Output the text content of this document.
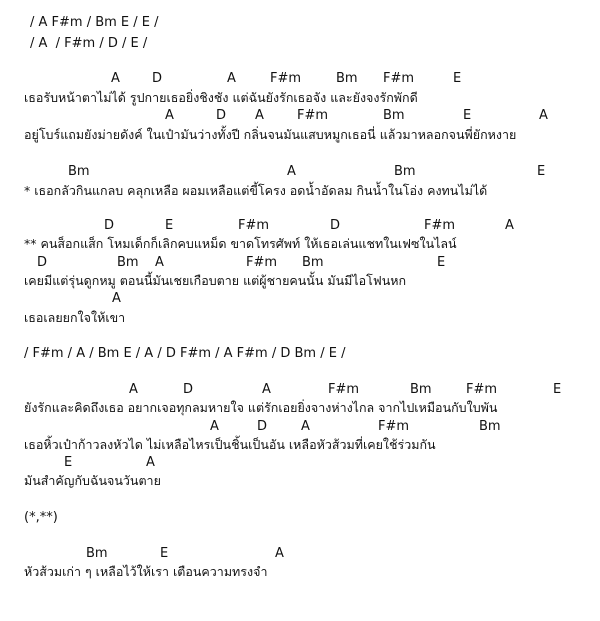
/ A F#m / Bm E / E /
/ A  / F#m / D / E /
A D	A	F#m	Bm F#m	E
เธอรับหน้าตาไม่ได้ รูปกายเธอยิ่งชิงชัง แต่ฉันยังรักเธอจัง และยังจงรักพักดี
A	D A	F#m	Bm	E	A
อยู่โบร์แถมยังม่ายดังค์ ในเป๋ามันว่างทั้งปี กลิ่นจนมันแสบหมูกเธอนี่ แล้วมาหลอกจนพี่ยักหงาย
Bm	A	Bm	E
* เธอกลัวกินแกลบ คลุกเหลือ ผอมเหลือแต่ขี้โครง อดน้ำอัดลม กินน้ำในโอ่ง คงทนไม่ได้
D	E	F#m	D	F#m	A
** คนส็อกแส็ก โหมเด็กก็เลิกคบแหม็ด ขาดโทรศัพท์ ให้เธอเล่นแชทในเฟซในไลน์
D	Bm A	F#m Bm	E
เคยมีแต่รุ่นดูกหมู ตอนนี้มันเชยเกือบตาย แต่ผู้ชายคนนั้น มันมีไอโฟนหก
A
เธอเลยยกใจให้เขา
/ F#m / A / Bm E / A / D F#m / A F#m / D Bm / E /
A	D	A	F#m	Bm	F#m	E
ยังรักและคิดถึงเธอ อยากเจอทุกลมหายใจ แต่รักเอยยิ่งจางห่างไกล จากไปเหมือนกับใบพัน
A	D	A	F#m	Bm
เธอหิ้วเป๋าก้าวลงหัวได ไม่เหลือไหรเป็นชิ้นเป็นอัน เหลือหัวส้วมที่เคยใช้ร่วมกัน
E	A
มันสำคัญกับฉันจนวันตาย
(*,**)
Bm	E	A
หัวส้วมเก่า ๆ เหลือไว้ให้เรา เตือนความทรงจำ
